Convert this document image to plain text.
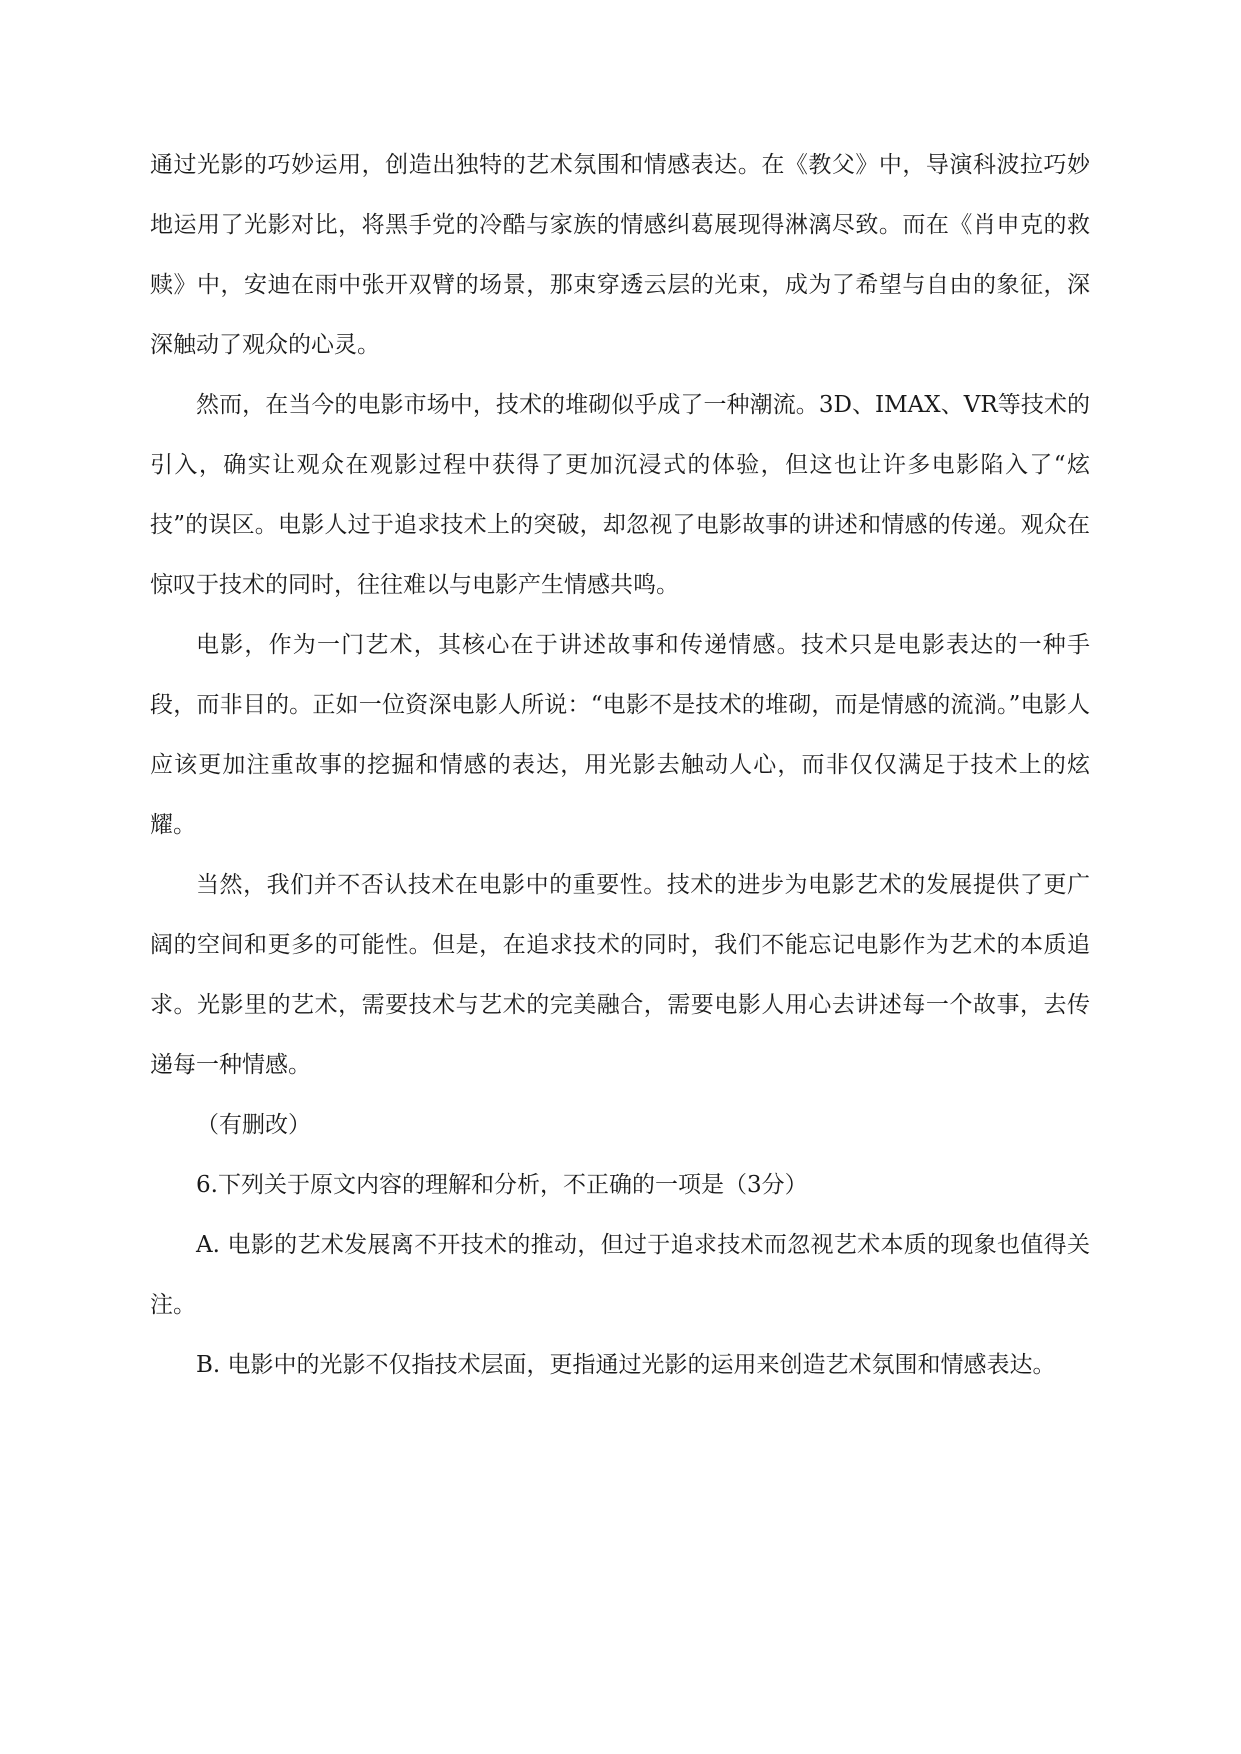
通过光影的巧妙运用，创造出独特的艺术氛围和情感表达。在《教父》中，导演科波拉巧妙地运用了光影对比，将黑手党的冷酷与家族的情感纠葛展现得淋漓尽致。而在《肖申克的救赎》中，安迪在雨中张开双臂的场景，那束穿透云层的光束，成为了希望与自由的象征，深深触动了观众的心灵。

然而，在当今的电影市场中，技术的堆砌似乎成了一种潮流。3D、IMAX、VR等技术的引入，确实让观众在观影过程中获得了更加沉浸式的体验，但这也让许多电影陷入了“炫技”的误区。电影人过于追求技术上的突破，却忽视了电影故事的讲述和情感的传递。观众在惊叹于技术的同时，往往难以与电影产生情感共鸣。

电影，作为一门艺术，其核心在于讲述故事和传递情感。技术只是电影表达的一种手段，而非目的。正如一位资深电影人所说：“电影不是技术的堆砌，而是情感的流淌。”电影人应该更加注重故事的挖掘和情感的表达，用光影去触动人心，而非仅仅满足于技术上的炫耀。

当然，我们并不否认技术在电影中的重要性。技术的进步为电影艺术的发展提供了更广阔的空间和更多的可能性。但是，在追求技术的同时，我们不能忘记电影作为艺术的本质追求。光影里的艺术，需要技术与艺术的完美融合，需要电影人用心去讲述每一个故事，去传递每一种情感。

（有删改）

6.下列关于原文内容的理解和分析，不正确的一项是（3分）

A. 电影的艺术发展离不开技术的推动，但过于追求技术而忽视艺术本质的现象也值得关注。

B. 电影中的光影不仅指技术层面，更指通过光影的运用来创造艺术氛围和情感表达。
